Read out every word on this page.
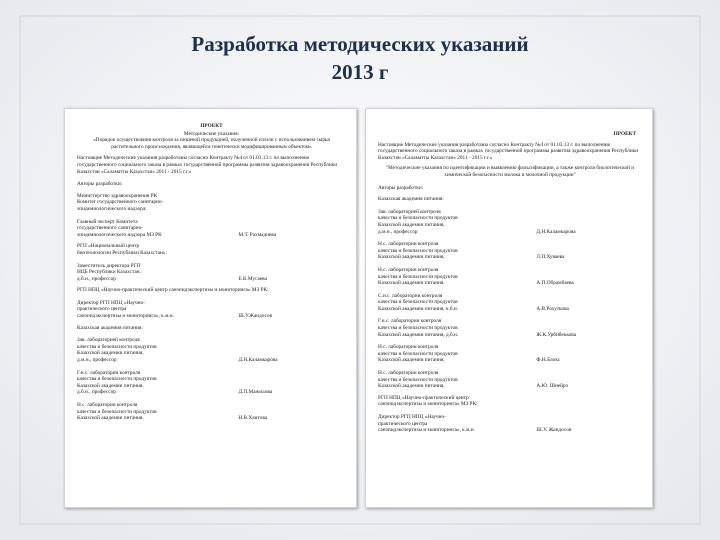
Разработка методических указаний
2013 г
ПРОЕКТ
Методические указания:
«Порядок осуществления контроля за пищевой продукцией, полученной из/или с использованием сырья растительного происхождения, являющейся генетически модифицированным объектом»
Настоящие Методические указания разработаны согласно Контракту №4 от 01.03.13 г. по выполнению государственного социального заказа в рамках государственной программы развития здравоохранения Республики Казахстан «Саламатты Казахстан» 2011 - 2015 г.г.»
Авторы разработки:
Министерство здравоохранения РК
Комитет государственного санитарно-
эпидемиологического надзора:
Главный эксперт Комитета
государственного санитарно-
эпидемиологического надзора МЗ РК	М.Т. Рахмадиева
РГП «Национальный центр
биотехнологии Республики Казахстан»:
Заместитель директора РГП
НЦБ Республики Казахстан,
д.б.н., профессор	Е.К.Мусаева
РГП НПЦ «Научно-практический центр санэпидэкспертизы и мониторинга» МЗ РК:
Директор РГП НПЦ «Научно-
практического центра
санэпидэкспертизы и мониторинга», к.м.н.	Ш.У.Жандосов
Казахская академия питания:
Зав. лабораторией контроля
качества и безопасности продуктов
Казахской академии питания,
д.м.н., профессор	Д.Н.Каламкарова
Г.н.с. лаборатории контроля
качества и безопасности продуктов
Казахской академии питания,
д.б.н., профессор	Д.П.Мажилова
Н.с. лаборатории контроля
качества и безопасности продуктов
Казахской академии питания,	Н.В.Хаитова
ПРОЕКТ
Настоящие Методические указания разработаны согласно Контракту №4 от 01.03.13 г. по выполнению государственного социального заказа в рамках государственной программы развития здравоохранения Республики Казахстан «Саламатты Казахстан» 2011 - 2015 г.г.»
"Методические указания по идентификации и выявлению фальсификации, а также контроля биологической и химической безопасности молока и молочной продукции"
Авторы разработки:
Казахская академия питания:
Зав. лабораторией контроля
качества и безопасности продуктов
Казахской академии питания,
д.м.н., профессор	Д.Н.Каламкарова
Н.с. лаборатории контроля
качества и безопасности продуктов
Казахской академии питания,	Л.П.Хуваева
Н.с. лаборатории контроля
качества и безопасности продуктов
Казахской академии питания,	А.П.Обрамбаева
С.н.с. лаборатории контроля
качества и безопасности продуктов
Казахской академии питания, к.б.н.	А.В.Рохуткова
Г.н.с. лаборатории контроля
качества и безопасности продуктов
Казахской академии питания, д.б.н.	Ж.К.Урбибеккова
Н.с. лаборатории контроля
качества и безопасности продуктов
Казахской академии питания,	Ф.Н.Блокс
Н.с. лаборатории контроля
качества и безопасности продуктов
Казахской академии питания,	А.Ю. Шнейрэ
РГП НПЦ «Научно-практический центр
санэпидэкспертизы и мониторинга» МЗ РК:
Директор РГП НПЦ «Научно-
практического центра
санэпидэкспертизы и мониторинга», к.м.н.	Ш.У. Жандосов
